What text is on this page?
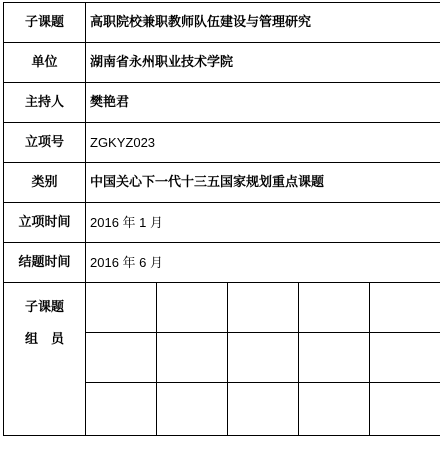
子课题	高职院校兼职教师队伍建设与管理研究				
单位	湖南省永州职业技术学院				
主持人	樊艳君				
立项号	ZGKYZ023				
类别	中国关心下一代十三五国家规划重点课题				
立项时间	2016 年 1 月				
结题时间	2016 年 6 月				

子课题
组　员					
